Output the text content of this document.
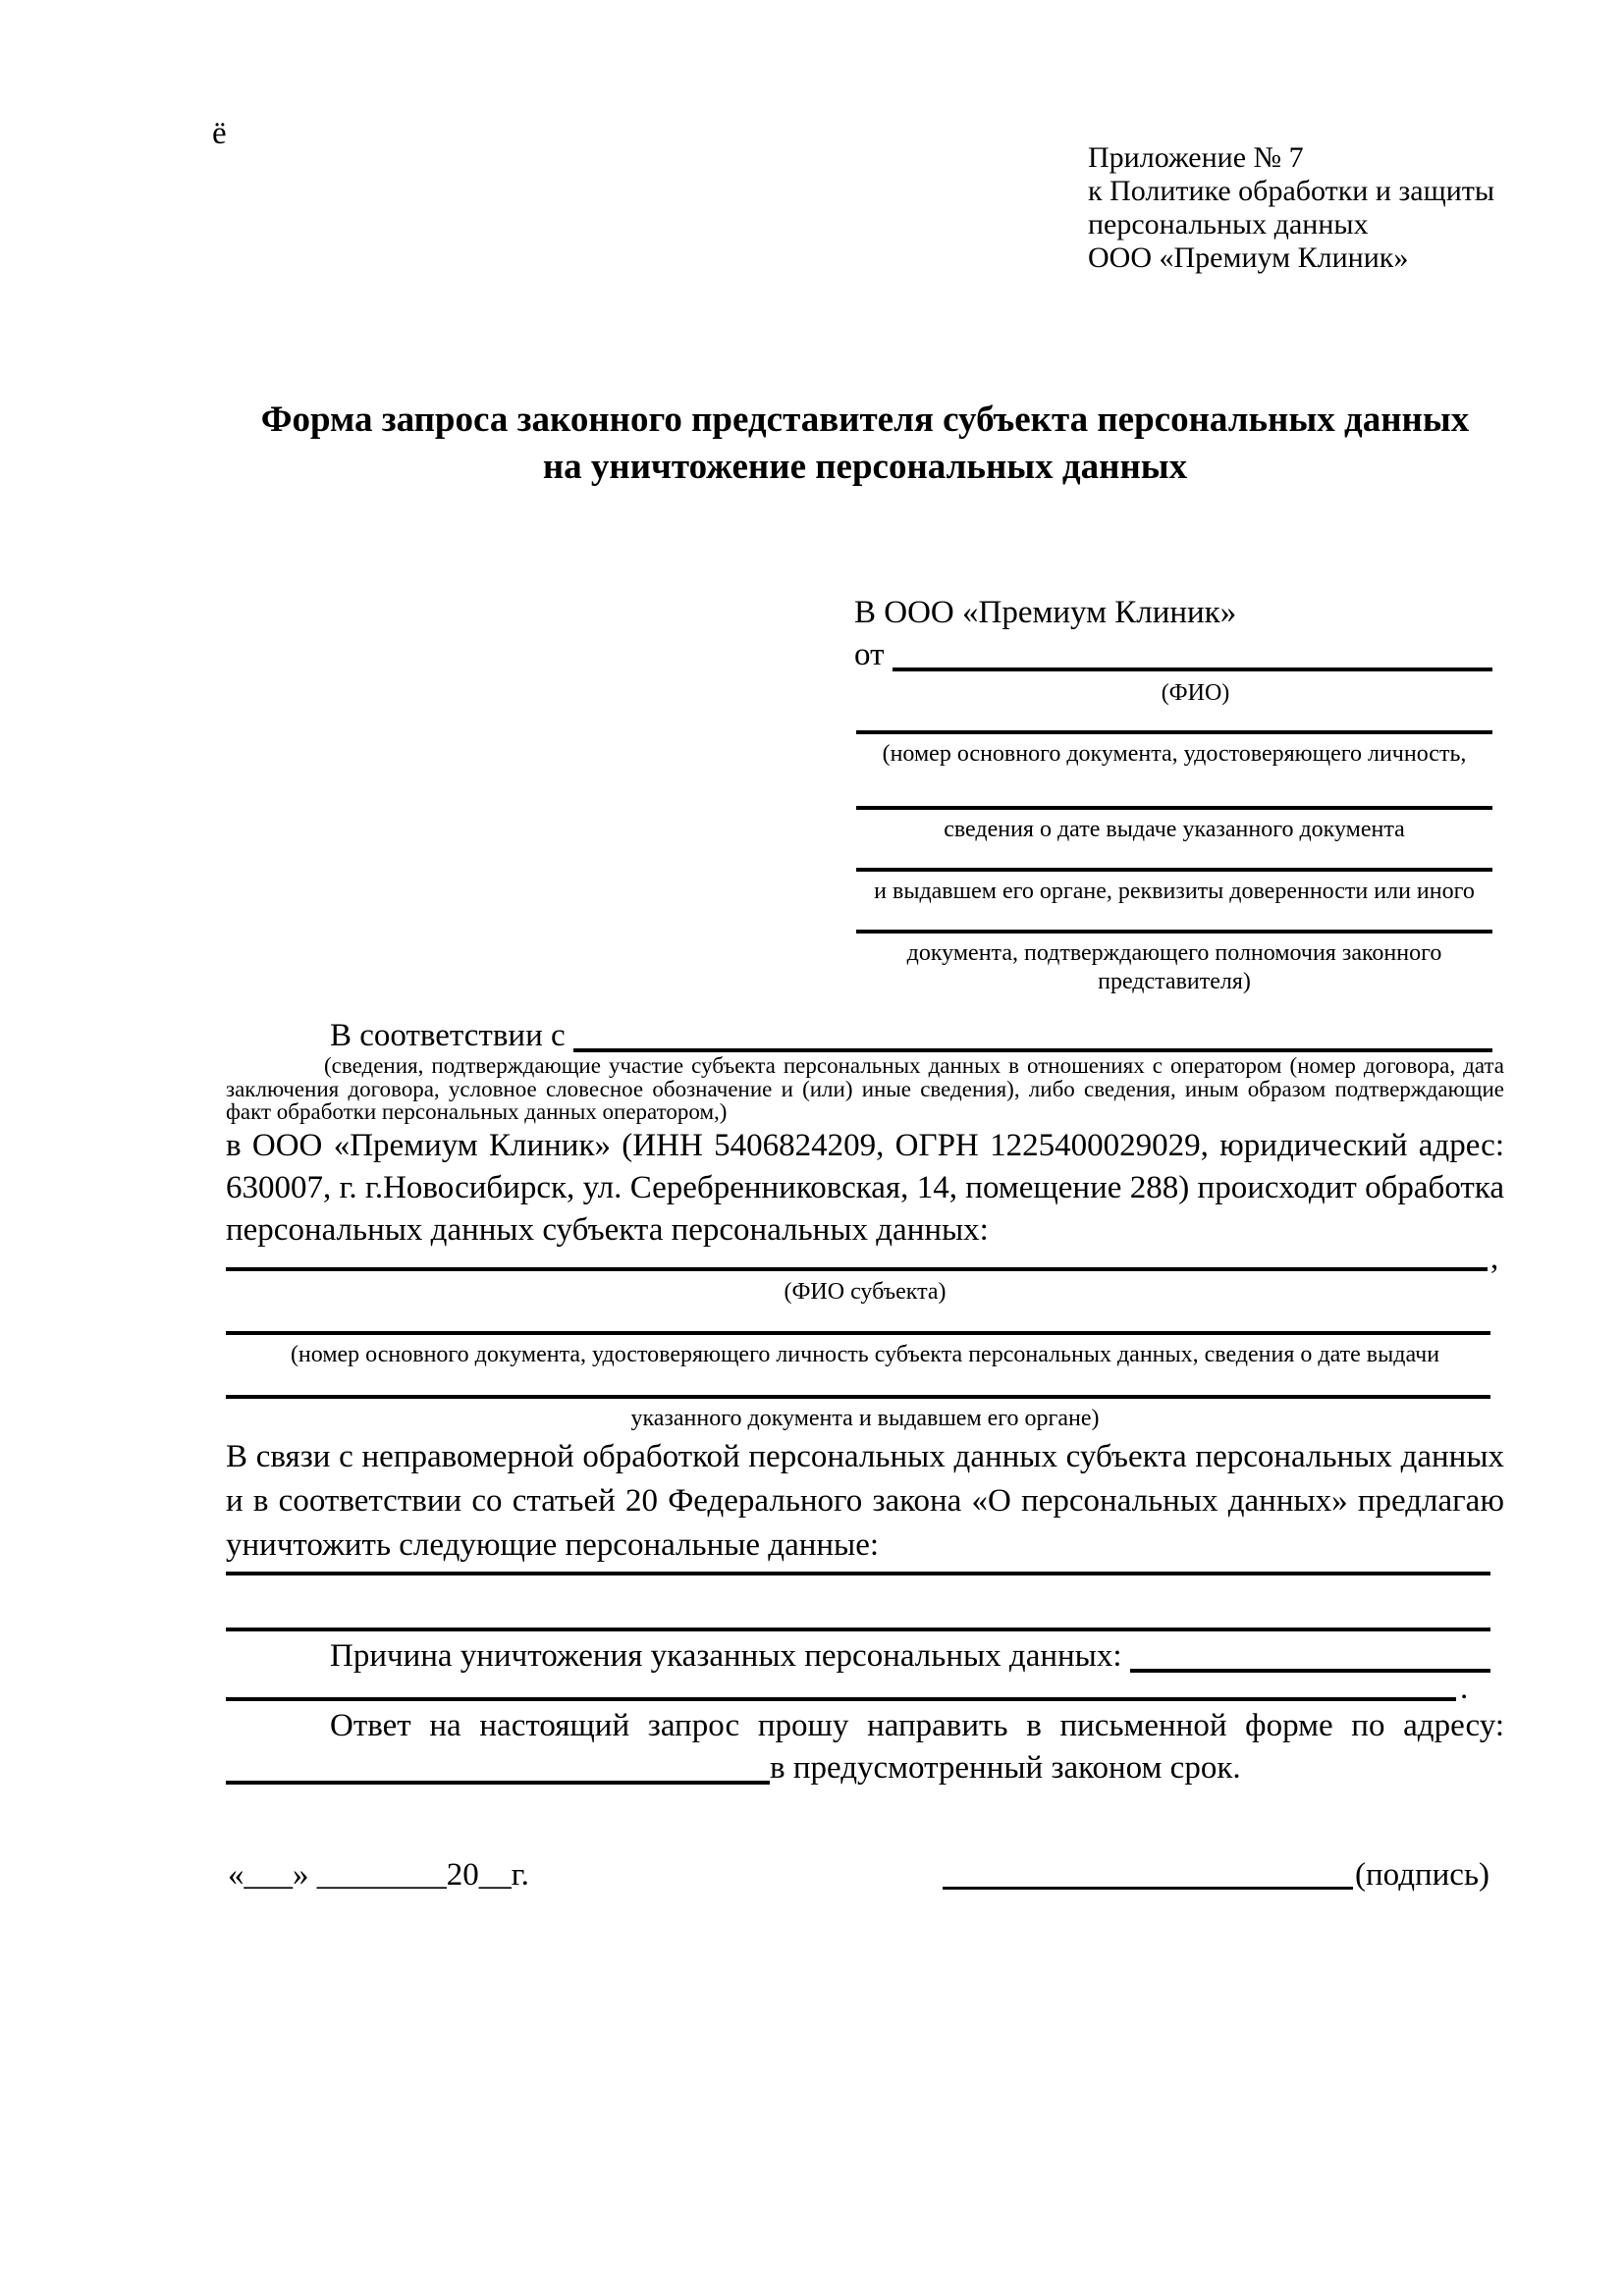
ё
Приложение № 7
к Политике обработки и защиты
персональных данных
ООО «Премиум Клиник»
Форма запроса законного представителя субъекта персональных данных
на уничтожение персональных данных
В ООО «Премиум Клиник»
от
(ФИО)
(номер основного документа, удостоверяющего личность,
сведения о дате выдаче указанного документа
и выдавшем его органе, реквизиты доверенности или иного
документа, подтверждающего полномочия законного представителя)
В соответствии с
(сведения, подтверждающие участие субъекта персональных данных в отношениях с оператором (номер договора, дата заключения договора, условное словесное обозначение и (или) иные сведения), либо сведения, иным образом подтверждающие факт обработки персональных данных оператором,)
в ООО «Премиум Клиник» (ИНН 5406824209, ОГРН 1225400029029, юридический адрес: 630007, г. г.Новосибирск, ул. Серебренниковская, 14, помещение 288) происходит обработка персональных данных субъекта персональных данных:
,
(ФИО субъекта)
(номер основного документа, удостоверяющего личность субъекта персональных данных, сведения о дате выдачи
указанного документа и выдавшем его органе)
В связи с неправомерной обработкой персональных данных субъекта персональных данных и в соответствии со статьей 20 Федерального закона «О персональных данных» предлагаю уничтожить следующие персональные данные:
Причина уничтожения указанных персональных данных:
.
Ответ на настоящий запрос прошу направить в письменной форме по адресу:
в предусмотренный законом срок.
«___» ________20__г.	(подпись)
